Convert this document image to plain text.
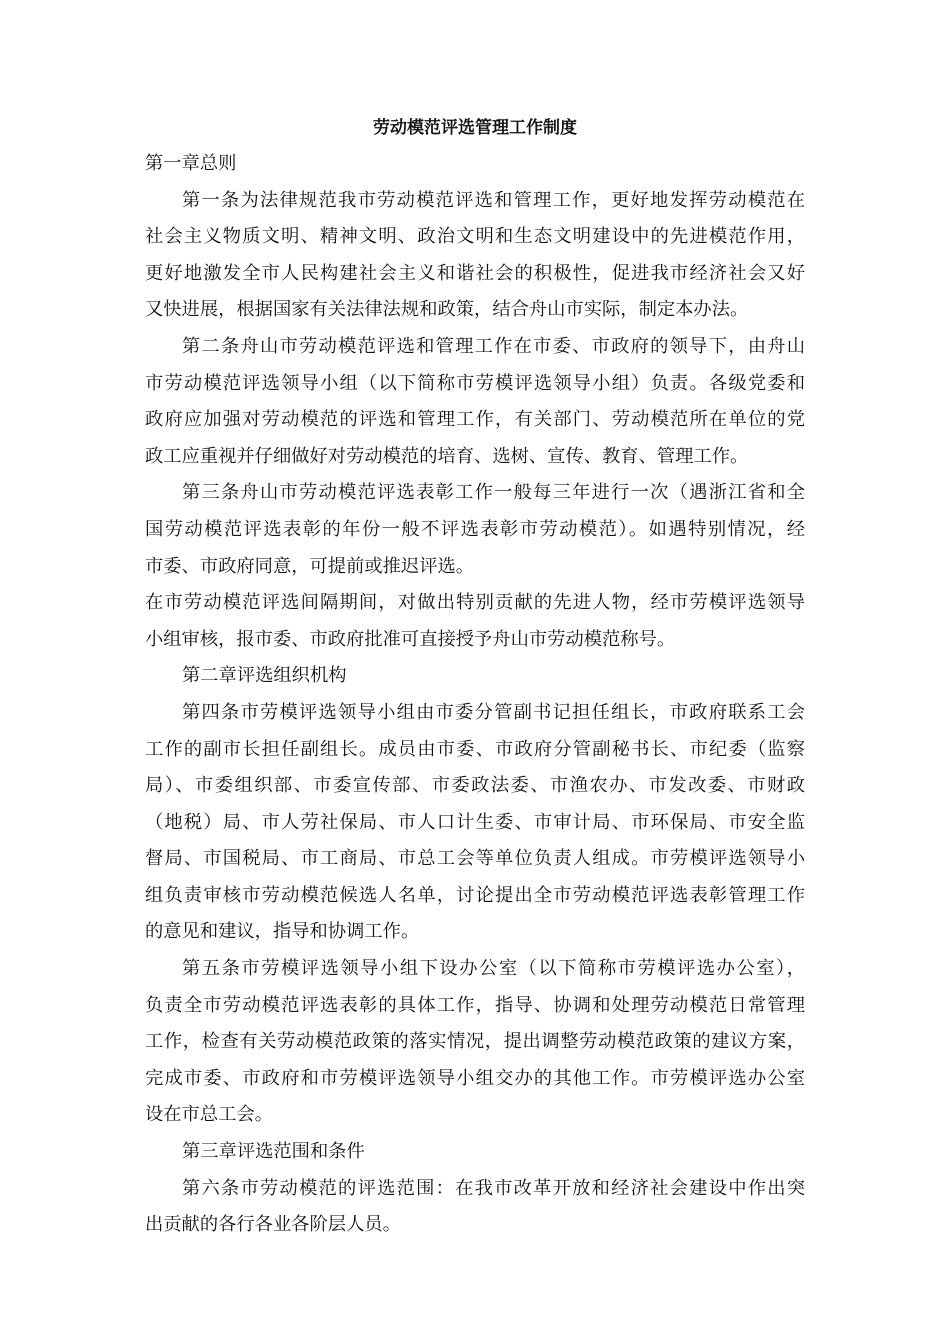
劳动模范评选管理工作制度
第一章总则
第一条为法律规范我市劳动模范评选和管理工作，更好地发挥劳动模范在
社会主义物质文明、精神文明、政治文明和生态文明建设中的先进模范作用，
更好地激发全市人民构建社会主义和谐社会的积极性，促进我市经济社会又好
又快进展，根据国家有关法律法规和政策，结合舟山市实际，制定本办法。
第二条舟山市劳动模范评选和管理工作在市委、市政府的领导下，由舟山
市劳动模范评选领导小组（以下简称市劳模评选领导小组）负责。各级党委和
政府应加强对劳动模范的评选和管理工作，有关部门、劳动模范所在单位的党
政工应重视并仔细做好对劳动模范的培育、选树、宣传、教育、管理工作。
第三条舟山市劳动模范评选表彰工作一般每三年进行一次（遇浙江省和全
国劳动模范评选表彰的年份一般不评选表彰市劳动模范）。如遇特别情况，经
市委、市政府同意，可提前或推迟评选。
在市劳动模范评选间隔期间，对做出特别贡献的先进人物，经市劳模评选领导
小组审核，报市委、市政府批准可直接授予舟山市劳动模范称号。
第二章评选组织机构
第四条市劳模评选领导小组由市委分管副书记担任组长，市政府联系工会
工作的副市长担任副组长。成员由市委、市政府分管副秘书长、市纪委（监察
局）、市委组织部、市委宣传部、市委政法委、市渔农办、市发改委、市财政
（地税）局、市人劳社保局、市人口计生委、市审计局、市环保局、市安全监
督局、市国税局、市工商局、市总工会等单位负责人组成。市劳模评选领导小
组负责审核市劳动模范候选人名单，讨论提出全市劳动模范评选表彰管理工作
的意见和建议，指导和协调工作。
第五条市劳模评选领导小组下设办公室（以下简称市劳模评选办公室），
负责全市劳动模范评选表彰的具体工作，指导、协调和处理劳动模范日常管理
工作，检查有关劳动模范政策的落实情况，提出调整劳动模范政策的建议方案，
完成市委、市政府和市劳模评选领导小组交办的其他工作。市劳模评选办公室
设在市总工会。
第三章评选范围和条件
第六条市劳动模范的评选范围：在我市改革开放和经济社会建设中作出突
出贡献的各行各业各阶层人员。
